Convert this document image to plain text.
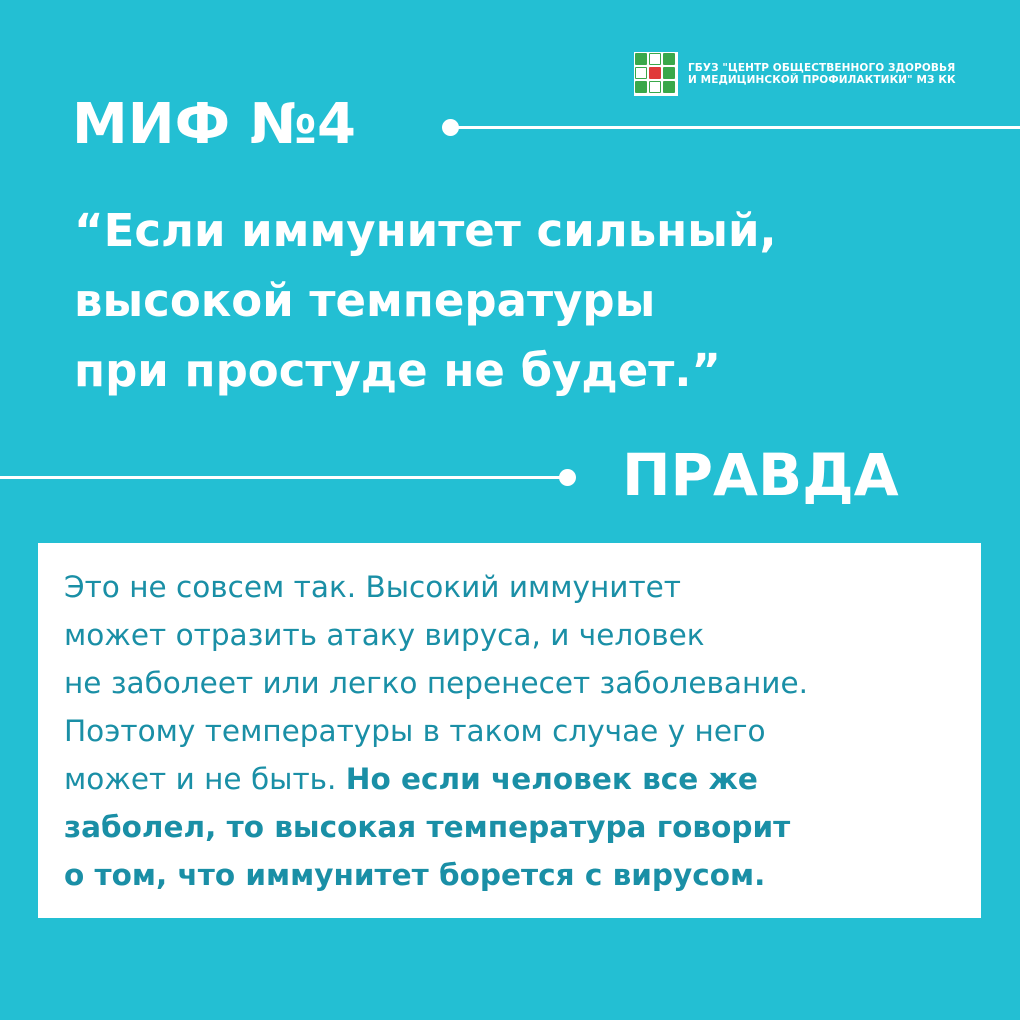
ГБУЗ "ЦЕНТР ОБЩЕСТВЕННОГО ЗДОРОВЬЯ
И МЕДИЦИНСКОЙ ПРОФИЛАКТИКИ" МЗ КК
МИФ №4
“Если иммунитет сильный,
высокой температуры
при простуде не будет.”
ПРАВДА
Это не совсем так. Высокий иммунитет
может отразить атаку вируса, и человек
не заболеет или легко перенесет заболевание.
Поэтому температуры в таком случае у него
может и не быть. Но если человек все же
заболел, то высокая температура говорит
о том, что иммунитет борется с вирусом.
